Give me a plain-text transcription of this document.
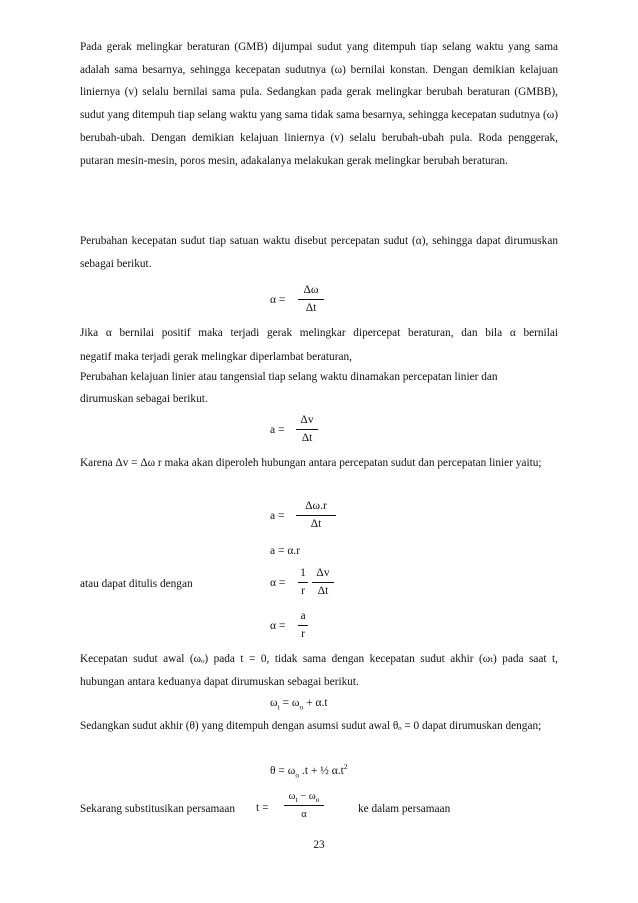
Pada gerak melingkar beraturan (GMB) dijumpai sudut yang ditempuh tiap selang waktu yang sama adalah sama besarnya, sehingga kecepatan sudutnya (ω) bernilai konstan. Dengan demikian kelajuan liniernya (v) selalu bernilai sama pula. Sedangkan pada gerak melingkar berubah beraturan (GMBB), sudut yang ditempuh tiap selang waktu yang sama tidak sama besarnya, sehingga kecepatan sudutnya (ω) berubah-ubah. Dengan demikian kelajuan liniernya (v) selalu berubah-ubah pula. Roda penggerak, putaran mesin-mesin, poros mesin, adakalanya melakukan gerak melingkar berubah beraturan.

Perubahan kecepatan sudut tiap satuan waktu disebut percepatan sudut (α), sehingga dapat dirumuskan sebagai berikut.

α =
Δω
Δt
Jika α bernilai positif maka terjadi gerak melingkar dipercepat beraturan, dan bila α bernilai
negatif maka terjadi gerak melingkar diperlambat beraturan,
Perubahan kelajuan linier atau tangensial tiap selang waktu dinamakan percepatan linier dan
dirumuskan sebagai berikut.
a =
Δv
Δt

Karena Δv = Δω r maka akan diperoleh hubungan antara percepatan sudut dan percepatan linier yaitu;

a =
Δω.r
Δt
a = α.r
atau dapat ditulis dengan	α =
1
r
Δv
Δt
α =
a
r

Kecepatan sudut awal (ωₒ) pada t = 0, tidak sama dengan kecepatan sudut akhir (ωₜ) pada saat t, hubungan antara keduanya dapat dirumuskan sebagai berikut.

$\omega_t = \omega_o + \alpha.t$

Sedangkan sudut akhir (θ) yang ditempuh dengan asumsi sudut awal θₒ = 0 dapat dirumuskan dengan;

$\theta = \omega_o$ .t + ½ $\alpha.t^2$
Sekarang substitusikan persamaan t =
$\omega_t - \omega_o$
α	ke dalam persamaan
23
